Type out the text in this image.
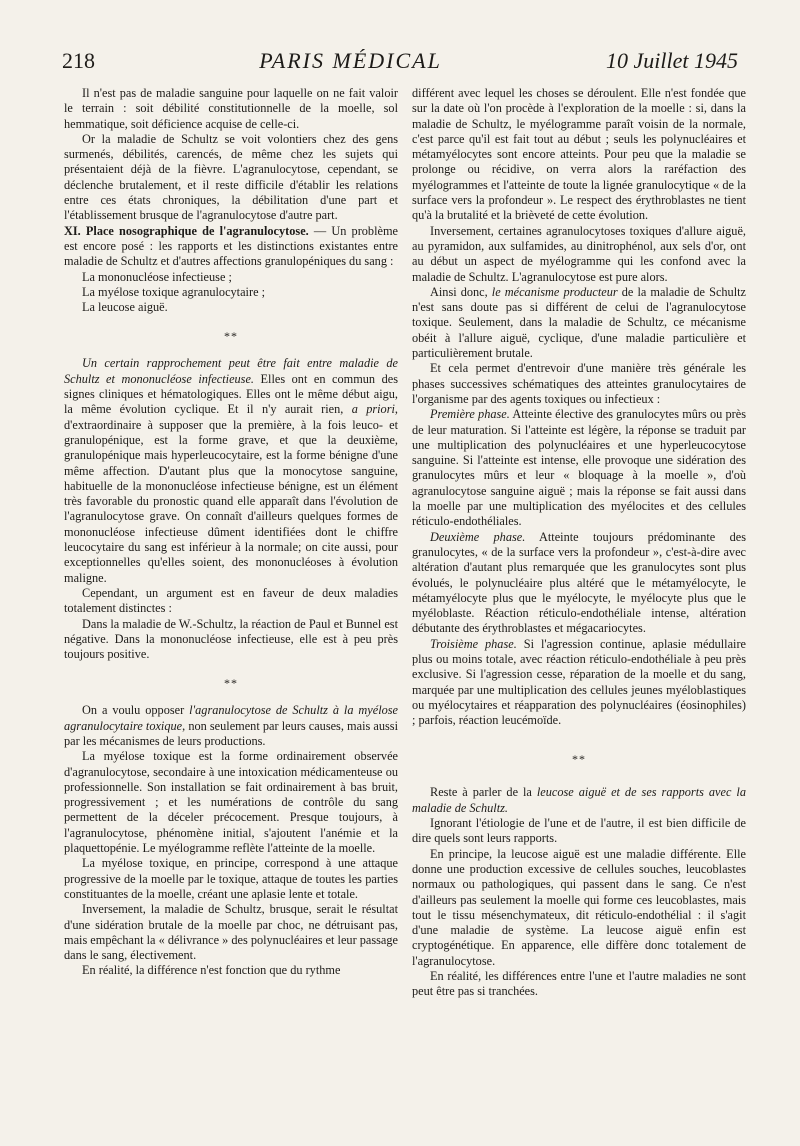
218	PARIS MÉDICAL	10 Juillet 1945

Il n'est pas de maladie sanguine pour laquelle on ne fait valoir le terrain : soit débilité constitutionnelle de la moelle, sol hemmatique, soit déficience acquise de celle-ci.

Or la maladie de Schultz se voit volontiers chez des gens surmenés, débilités, carencés, de même chez les sujets qui présentaient déjà de la fièvre. L'agranulocytose, cependant, se déclenche brutalement, et il reste difficile d'établir les relations entre ces états chroniques, la débilitation d'une part et l'établissement brusque de l'agranulocytose d'autre part.

XI. Place nosographique de l'agranulocytose. — Un problème est encore posé : les rapports et les distinctions existantes entre maladie de Schultz et d'autres affections granulopéniques du sang :

La mononucléose infectieuse ;

La myélose toxique agranulocytaire ;

La leucose aiguë.

**

Un certain rapprochement peut être fait entre maladie de Schultz et mononucléose infectieuse. Elles ont en commun des signes cliniques et hématologiques. Elles ont le même début aigu, la même évolution cyclique. Et il n'y aurait rien, a priori, d'extraordinaire à supposer que la première, à la fois leuco- et granulopénique, est la forme grave, et que la deuxième, granulopénique mais hyperleucocytaire, est la forme bénigne d'une même affection. D'autant plus que la monocytose sanguine, habituelle de la mononucléose infectieuse bénigne, est un élément très favorable du pronostic quand elle apparaît dans l'évolution de l'agranulocytose grave. On connaît d'ailleurs quelques formes de mononucléose infectieuse dûment identifiées dont le chiffre leucocytaire du sang est inférieur à la normale; on cite aussi, pour exceptionnelles qu'elles soient, des mononucléoses à évolution maligne.

Cependant, un argument est en faveur de deux maladies totalement distinctes :

Dans la maladie de W.-Schultz, la réaction de Paul et Bunnel est négative. Dans la mononucléose infectieuse, elle est à peu près toujours positive.

**

On a voulu opposer l'agranulocytose de Schultz à la myélose agranulocytaire toxique, non seulement par leurs causes, mais aussi par les mécanismes de leurs productions.

La myélose toxique est la forme ordinairement observée d'agranulocytose, secondaire à une intoxication médicamenteuse ou professionnelle. Son installation se fait ordinairement à bas bruit, progressivement ; et les numérations de contrôle du sang permettent de la déceler précocement. Presque toujours, à l'agranulocytose, phénomène initial, s'ajoutent l'anémie et la plaquettopénie. Le myélogramme reflète l'atteinte de la moelle.

La myélose toxique, en principe, correspond à une attaque progressive de la moelle par le toxique, attaque de toutes les parties constituantes de la moelle, créant une aplasie lente et totale.

Inversement, la maladie de Schultz, brusque, serait le résultat d'une sidération brutale de la moelle par choc, ne détruisant pas, mais empêchant la « délivrance » des polynucléaires et leur passage dans le sang, électivement.

En réalité, la différence n'est fonction que du rythme

différent avec lequel les choses se déroulent. Elle n'est fondée que sur la date où l'on procède à l'exploration de la moelle : si, dans la maladie de Schultz, le myélogramme paraît voisin de la normale, c'est parce qu'il est fait tout au début ; seuls les polynucléaires et métamyélocytes sont encore atteints. Pour peu que la maladie se prolonge ou récidive, on verra alors la raréfaction des myélogrammes et l'atteinte de toute la lignée granulocytique « de la surface vers la profondeur ». Le respect des érythroblastes ne tient qu'à la brutalité et la brièveté de cette évolution.

Inversement, certaines agranulocytoses toxiques d'allure aiguë, au pyramidon, aux sulfamides, au dinitrophénol, aux sels d'or, ont au début un aspect de myélogramme qui les confond avec la maladie de Schultz. L'agranulocytose est pure alors.

Ainsi donc, le mécanisme producteur de la maladie de Schultz n'est sans doute pas si différent de celui de l'agranulocytose toxique. Seulement, dans la maladie de Schultz, ce mécanisme obéit à l'allure aiguë, cyclique, d'une maladie particulière et particulièrement brutale.

Et cela permet d'entrevoir d'une manière très générale les phases successives schématiques des atteintes granulocytaires de l'organisme par des agents toxiques ou infectieux :

Première phase. Atteinte élective des granulocytes mûrs ou près de leur maturation. Si l'atteinte est légère, la réponse se traduit par une multiplication des polynucléaires et une hyperleucocytose sanguine. Si l'atteinte est intense, elle provoque une sidération des granulocytes mûrs et leur « bloquage à la moelle », d'où agranulocytose sanguine aiguë ; mais la réponse se fait aussi dans la moelle par une multiplication des myélocites et des cellules réticulo-endothéliales.

Deuxième phase. Atteinte toujours prédominante des granulocytes, « de la surface vers la profondeur », c'est-à-dire avec altération d'autant plus remarquée que les granulocytes sont plus évolués, le polynucléaire plus altéré que le métamyélocyte, le métamyélocyte plus que le myélocyte, le myélocyte plus que le myéloblaste. Réaction réticulo-endothéliale intense, altération débutante des érythroblastes et mégacariocytes.

Troisième phase. Si l'agression continue, aplasie médullaire plus ou moins totale, avec réaction réticulo-endothéliale à peu près exclusive. Si l'agression cesse, réparation de la moelle et du sang, marquée par une multiplication des cellules jeunes myéloblastiques ou myélocytaires et réapparation des polynucléaires (éosinophiles) ; parfois, réaction leucémoïde.

**

Reste à parler de la leucose aiguë et de ses rapports avec la maladie de Schultz.

Ignorant l'étiologie de l'une et de l'autre, il est bien difficile de dire quels sont leurs rapports.

En principe, la leucose aiguë est une maladie différente. Elle donne une production excessive de cellules souches, leucoblastes normaux ou pathologiques, qui passent dans le sang. Ce n'est d'ailleurs pas seulement la moelle qui forme ces leucoblastes, mais tout le tissu mésenchymateux, dit réticulo-endothélial : il s'agit d'une maladie de système. La leucose aiguë enfin est cryptogénétique. En apparence, elle diffère donc totalement de l'agranulocytose.

En réalité, les différences entre l'une et l'autre maladies ne sont peut être pas si tranchées.
